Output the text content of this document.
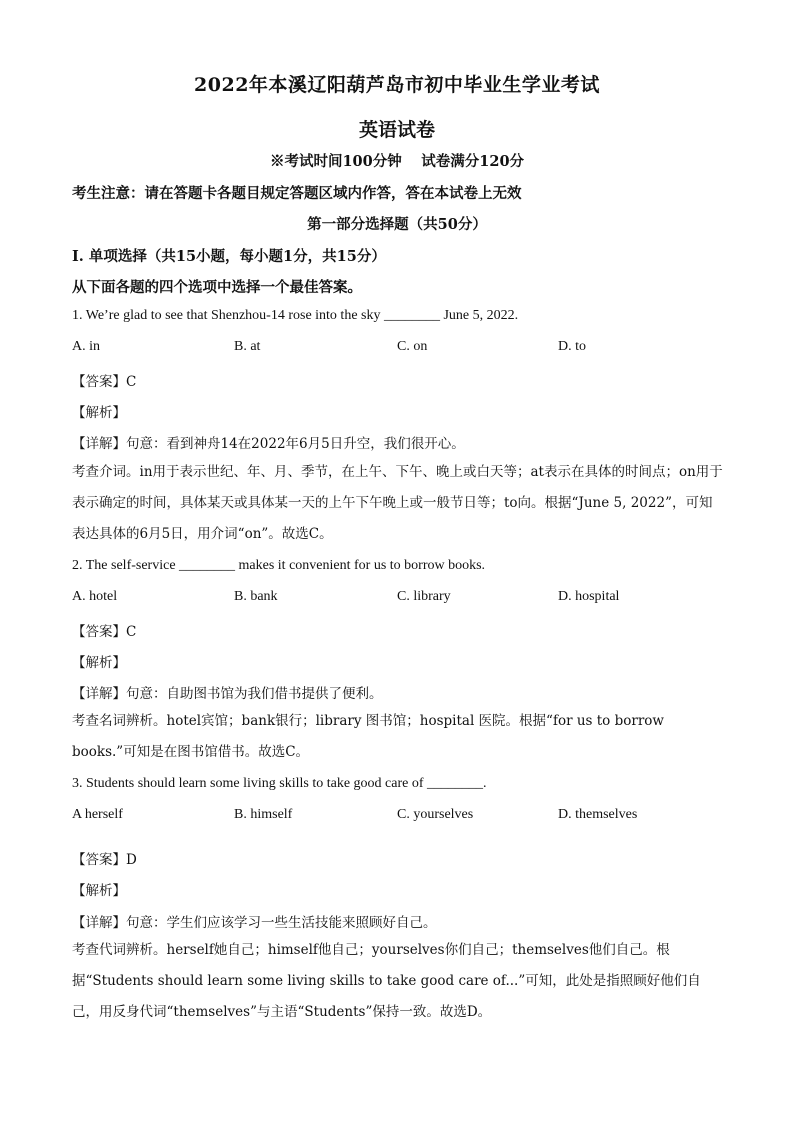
2022年本溪辽阳葫芦岛市初中毕业生学业考试
英语试卷
※考试时间100分钟　 试卷满分120分
考生注意：请在答题卡各题目规定答题区域内作答，答在本试卷上无效
第一部分选择题（共50分）
I. 单项选择（共15小题，每小题1分，共15分）
从下面各题的四个选项中选择一个最佳答案。
1. We’re glad to see that Shenzhou-14 rose into the sky ________ June 5, 2022.
A. in	B. at	C. on	D. to
【答案】C
【解析】
【详解】句意：看到神舟14在2022年6月5日升空，我们很开心。
考查介词。in用于表示世纪、年、月、季节，在上午、下午、晚上或白天等；at表示在具体的时间点；on用于表示确定的时间，具体某天或具体某一天的上午下午晚上或一般节日等；to向。根据“June 5, 2022”，可知表达具体的6月5日，用介词“on”。故选C。
2. The self-service ________ makes it convenient for us to borrow books.
A. hotel	B. bank	C. library	D. hospital
【答案】C
【解析】
【详解】句意：自助图书馆为我们借书提供了便利。
考查名词辨析。hotel宾馆；bank银行；library 图书馆；hospital 医院。根据“for us to borrow books.”可知是在图书馆借书。故选C。
3. Students should learn some living skills to take good care of ________.
A herself	B. himself	C. yourselves	D. themselves
【答案】D
【解析】
【详解】句意：学生们应该学习一些生活技能来照顾好自己。
考查代词辨析。herself她自己；himself他自己；yourselves你们自己；themselves他们自己。根据“Students should learn some living skills to take good care of...”可知，此处是指照顾好他们自己，用反身代词“themselves”与主语“Students”保持一致。故选D。
